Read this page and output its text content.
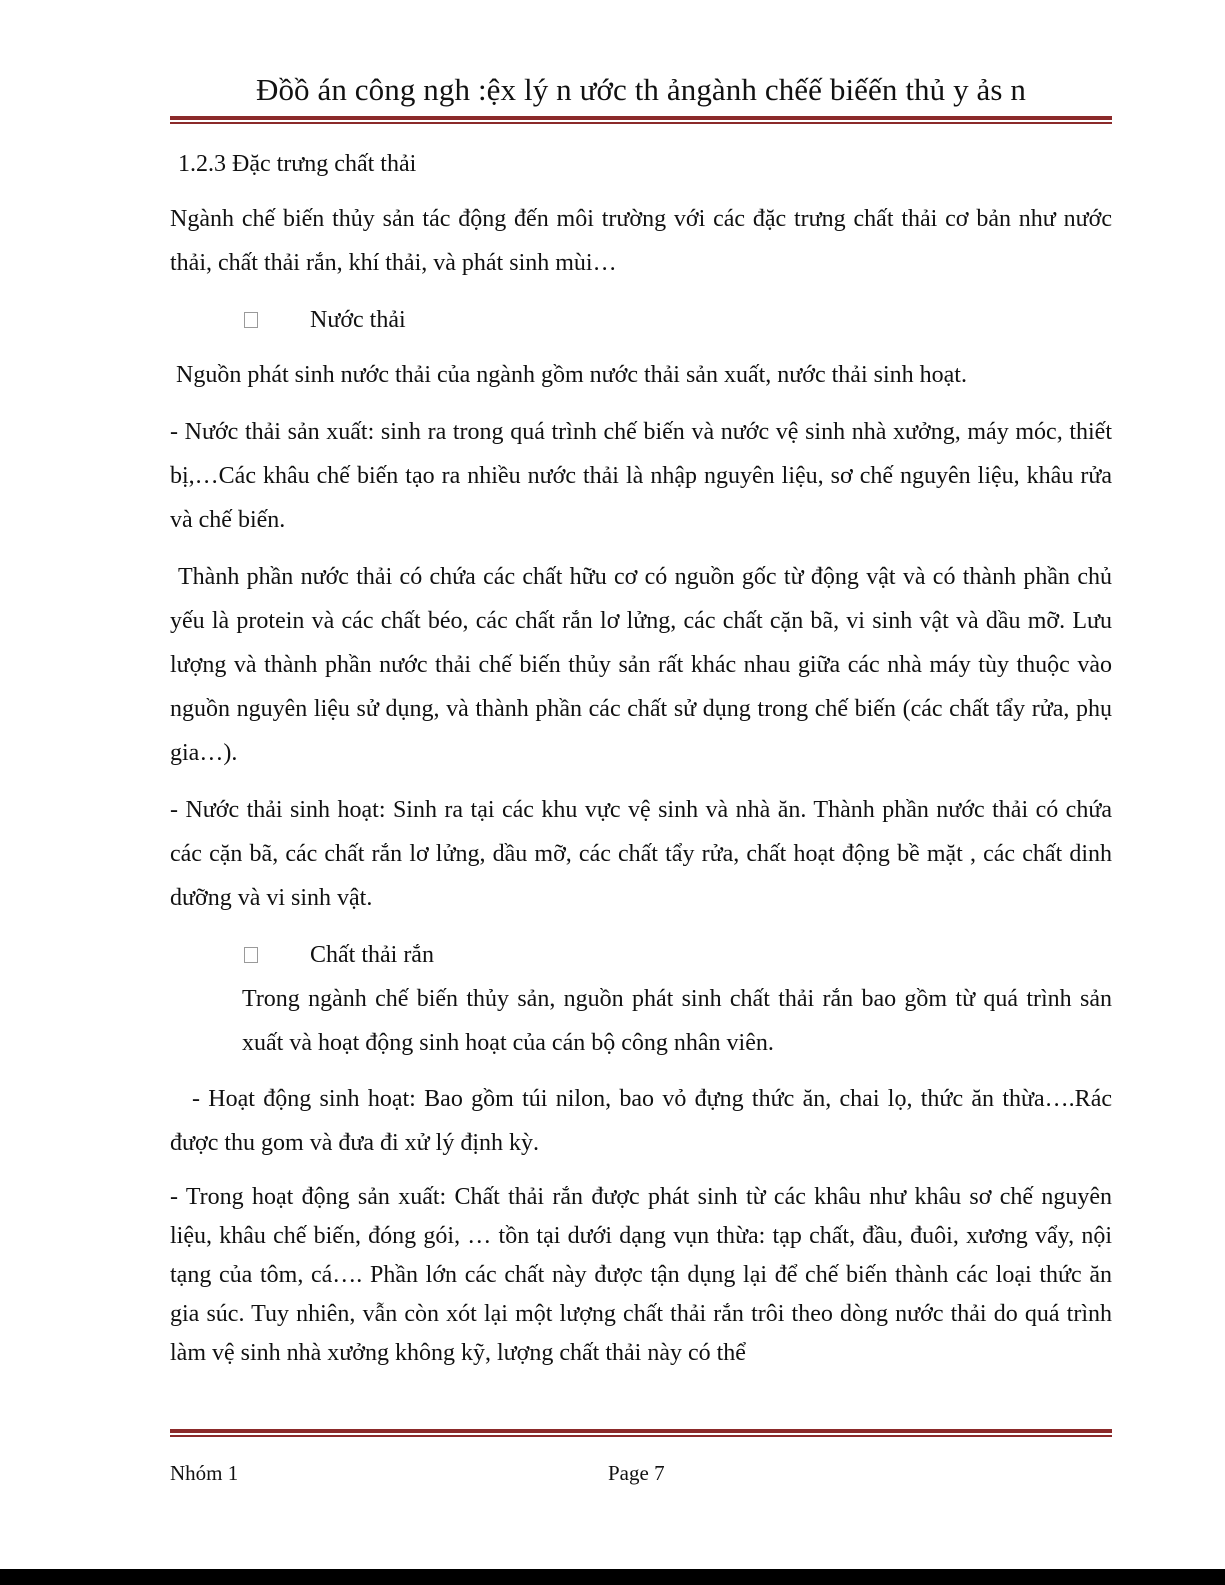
Đồồ án công ngh :ệx lý n ước th ảngành chếế biếến thủ y ảs n

1.2.3 Đặc trưng chất thải

Ngành chế biến thủy sản tác động đến môi trường với các đặc trưng chất thải cơ bản như nước thải, chất thải rắn, khí thải, và phát sinh mùi…

Nước thải

Nguồn phát sinh nước thải của ngành gồm nước thải sản xuất, nước thải sinh hoạt.

- Nước thải sản xuất: sinh ra trong quá trình chế biến và nước vệ sinh nhà xưởng, máy móc, thiết bị,…Các khâu chế biến tạo ra nhiều nước thải là nhập nguyên liệu, sơ chế nguyên liệu, khâu rửa và chế biến.

Thành phần nước thải có chứa các chất hữu cơ có nguồn gốc từ động vật và có thành phần chủ yếu là protein và các chất béo, các chất rắn lơ lửng, các chất cặn bã, vi sinh vật và dầu mỡ. Lưu lượng và thành phần nước thải chế biến thủy sản rất khác nhau giữa các nhà máy tùy thuộc vào nguồn nguyên liệu sử dụng, và thành phần các chất sử dụng trong chế biến (các chất tẩy rửa, phụ gia…).

- Nước thải sinh hoạt: Sinh ra tại các khu vực vệ sinh và nhà ăn. Thành phần nước thải có chứa các cặn bã, các chất rắn lơ lửng, dầu mỡ, các chất tẩy rửa, chất hoạt động bề mặt , các chất dinh dưỡng và vi sinh vật.

Chất thải rắn

Trong ngành chế biến thủy sản, nguồn phát sinh chất thải rắn bao gồm từ quá trình sản xuất và hoạt động sinh hoạt của cán bộ công nhân viên.

- Hoạt động sinh hoạt: Bao gồm túi nilon, bao vỏ đựng thức ăn, chai lọ, thức ăn thừa….Rác được thu gom và đưa đi xử lý định kỳ.

- Trong hoạt động sản xuất: Chất thải rắn được phát sinh từ các khâu như khâu sơ chế nguyên liệu, khâu chế biến, đóng gói, … tồn tại dưới dạng vụn thừa: tạp chất, đầu, đuôi, xương vẩy, nội tạng của tôm, cá…. Phần lớn các chất này được tận dụng lại để chế biến thành các loại thức ăn gia súc. Tuy nhiên, vẫn còn xót lại một lượng chất thải rắn trôi theo dòng nước thải do quá trình làm vệ sinh nhà xưởng không kỹ, lượng chất thải này có thể

Nhóm 1	Page 7
